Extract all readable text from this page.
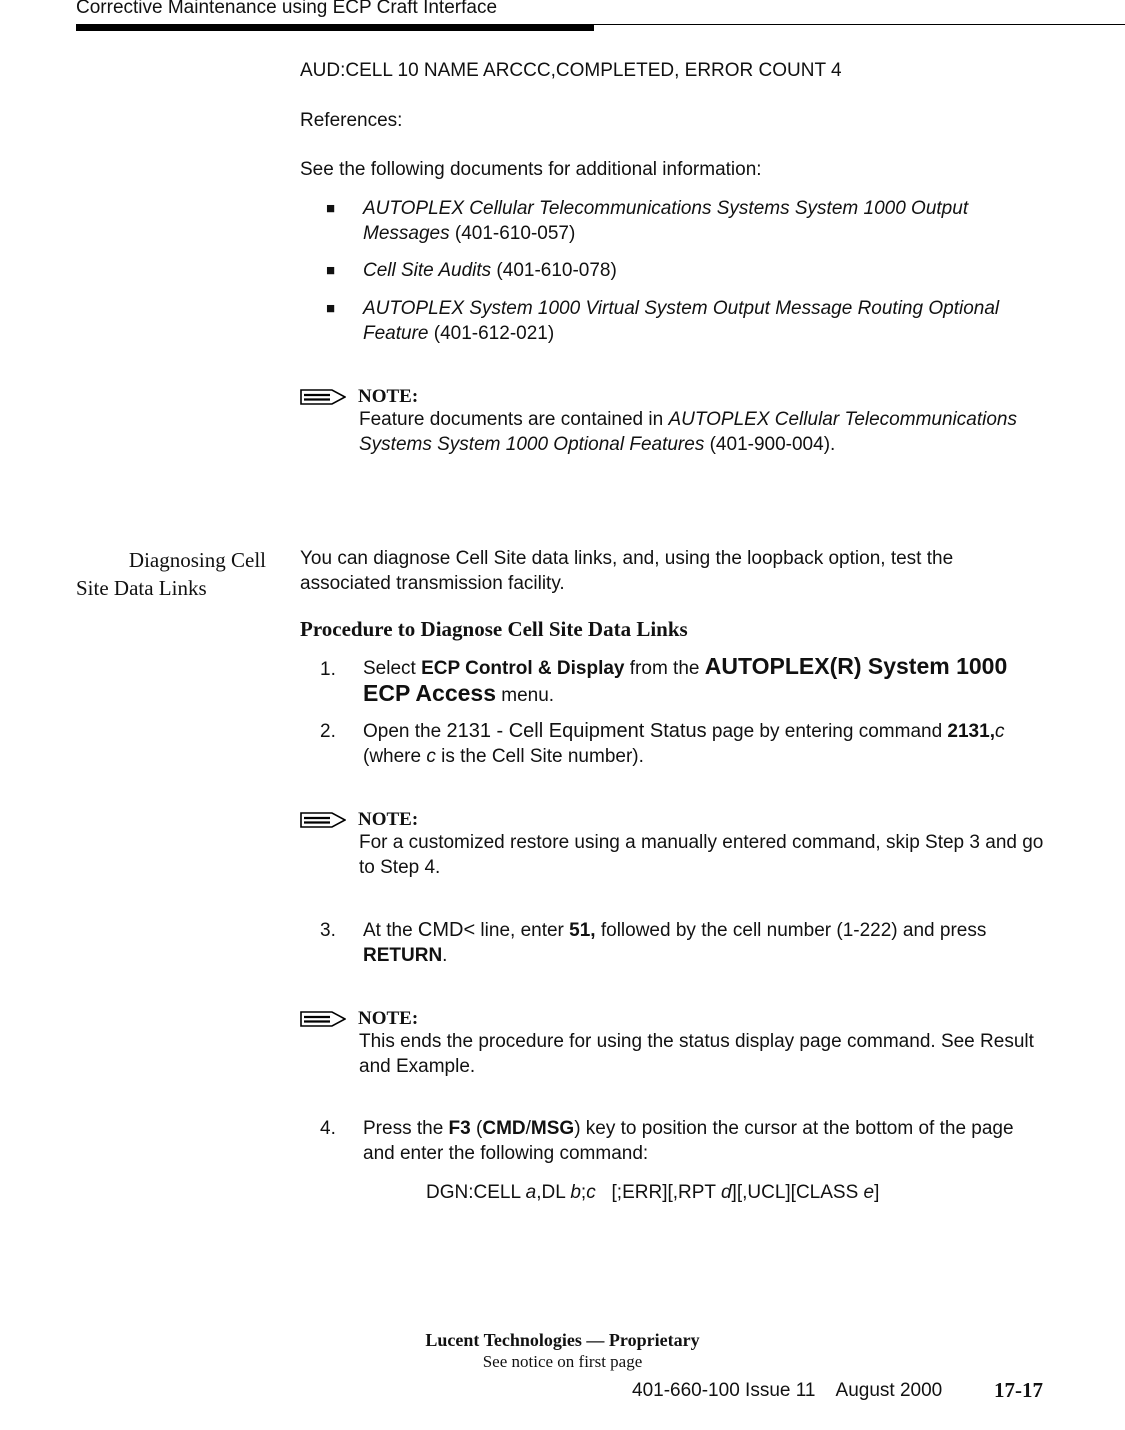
Corrective Maintenance using ECP Craft Interface
AUD:CELL 10 NAME ARCCC,COMPLETED, ERROR COUNT 4
References:
See the following documents for additional information:
■ AUTOPLEX Cellular Telecommunications Systems System 1000 Output Messages (401-610-057)
■ Cell Site Audits (401-610-078)
■ AUTOPLEX System 1000 Virtual System Output Message Routing Optional Feature (401-612-021)
NOTE:
Feature documents are contained in AUTOPLEX Cellular Telecommunications Systems System 1000 Optional Features (401-900-004).
Diagnosing Cell
Site Data Links
You can diagnose Cell Site data links, and, using the loopback option, test the associated transmission facility.
Procedure to Diagnose Cell Site Data Links
1. Select ECP Control & Display from the AUTOPLEX(R) System 1000 ECP Access menu.
2. Open the 2131 - Cell Equipment Status page by entering command 2131,c (where c is the Cell Site number).
NOTE:
For a customized restore using a manually entered command, skip Step 3 and go to Step 4.
3. At the CMD< line, enter 51, followed by the cell number (1-222) and press RETURN.
NOTE:
This ends the procedure for using the status display page command. See Result and Example.
4. Press the F3 (CMD/MSG) key to position the cursor at the bottom of the page and enter the following command:
DGN:CELL a,DL b;c   [;ERR][,RPT d][,UCL][CLASS e]
Lucent Technologies — Proprietary
See notice on first page
401-660-100 Issue 11    August 2000 17-17
